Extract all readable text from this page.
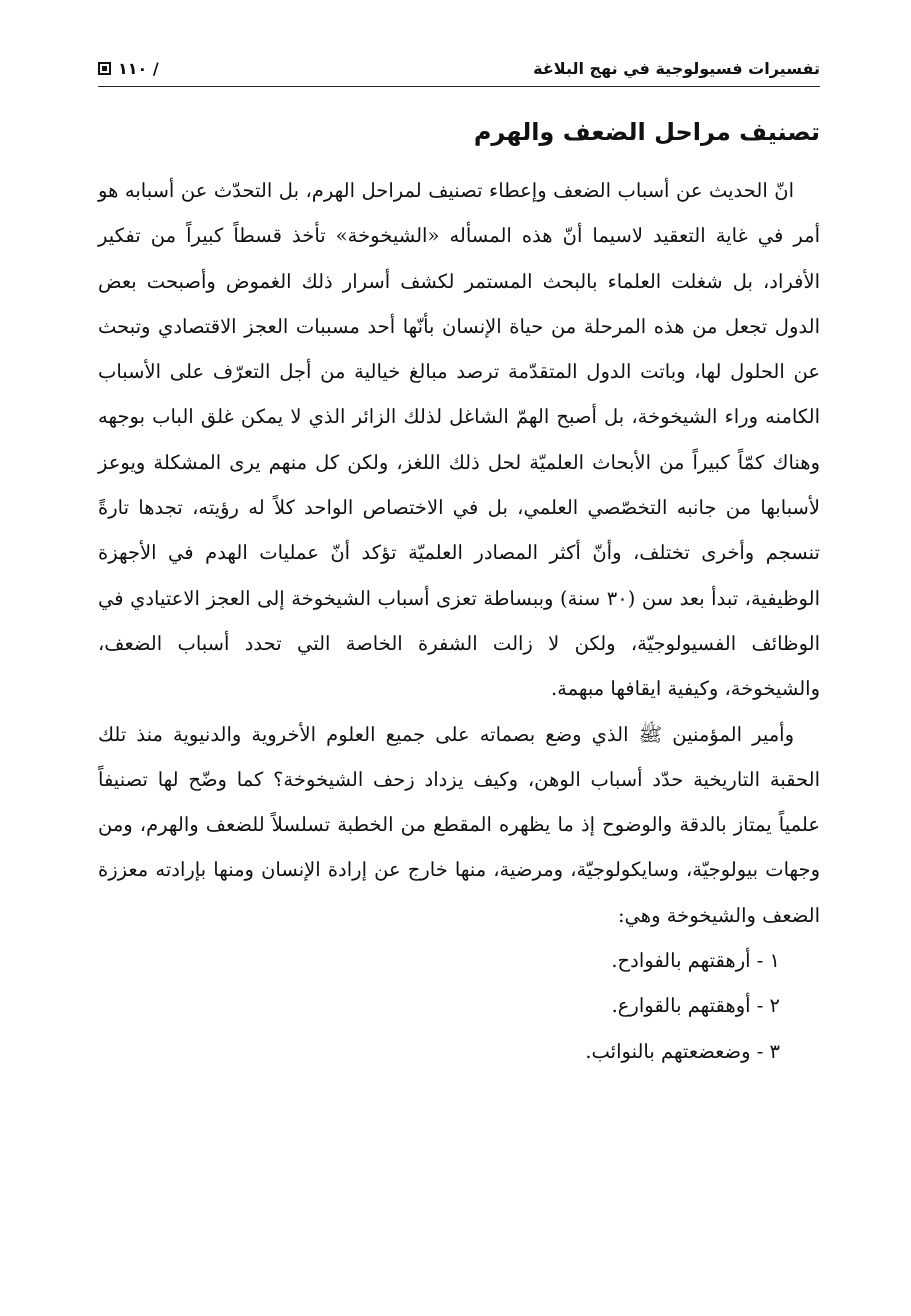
تفسيرات فسيولوجية في نهج البلاغة
١١٠ /
تصنيف مراحل الضعف والهرم

انّ الحديث عن أسباب الضعف وإعطاء تصنيف لمراحل الهرم، بل التحدّث عن أسبابه هو أمر في غاية التعقيد لاسيما أنّ هذه المسأله «الشيخوخة» تأخذ قسطاً كبيراً من تفكير الأفراد، بل شغلت العلماء بالبحث المستمر لكشف أسرار ذلك الغموض وأصبحت بعض الدول تجعل من هذه المرحلة من حياة الإنسان بأنّها أحد مسببات العجز الاقتصادي وتبحث عن الحلول لها، وباتت الدول المتقدّمة ترصد مبالغ خيالية من أجل التعرّف على الأسباب الكامنه وراء الشيخوخة، بل أصبح الهمّ الشاغل لذلك الزائر الذي لا يمكن غلق الباب بوجهه وهناك كمّاً كبيراً من الأبحاث العلميّة لحل ذلك اللغز، ولكن كل منهم يرى المشكلة ويوعز لأسبابها من جانبه التخصّصي العلمي، بل في الاختصاص الواحد كلاً له رؤيته، تجدها تارةً تنسجم وأخرى تختلف، وأنّ أكثر المصادر العلميّة تؤكد أنّ عمليات الهدم في الأجهزة الوظيفية، تبدأ بعد سن (٣٠ سنة) وببساطة تعزى أسباب الشيخوخة إلى العجز الاعتيادي في الوظائف الفسيولوجيّة، ولكن لا زالت الشفرة الخاصة التي تحدد أسباب الضعف، والشيخوخة، وكيفية ايقافها مبهمة.

وأمير المؤمنين ﷺ الذي وضع بصماته على جميع العلوم الأخروية والدنيوية منذ تلك الحقبة التاريخية حدّد أسباب الوهن، وكيف يزداد زحف الشيخوخة؟ كما وضّح لها تصنيفاً علمياً يمتاز بالدقة والوضوح إذ ما يظهره المقطع من الخطبة تسلسلاً للضعف والهرم، ومن وجهات بيولوجيّة، وسايكولوجيّة، ومرضية، منها خارج عن إرادة الإنسان ومنها بإرادته معززة الضعف والشيخوخة وهي:

١ - أرهقتهم بالفوادح.
٢ - أوهقتهم بالقوارع.
٣ - وضعضعتهم بالنوائب.
